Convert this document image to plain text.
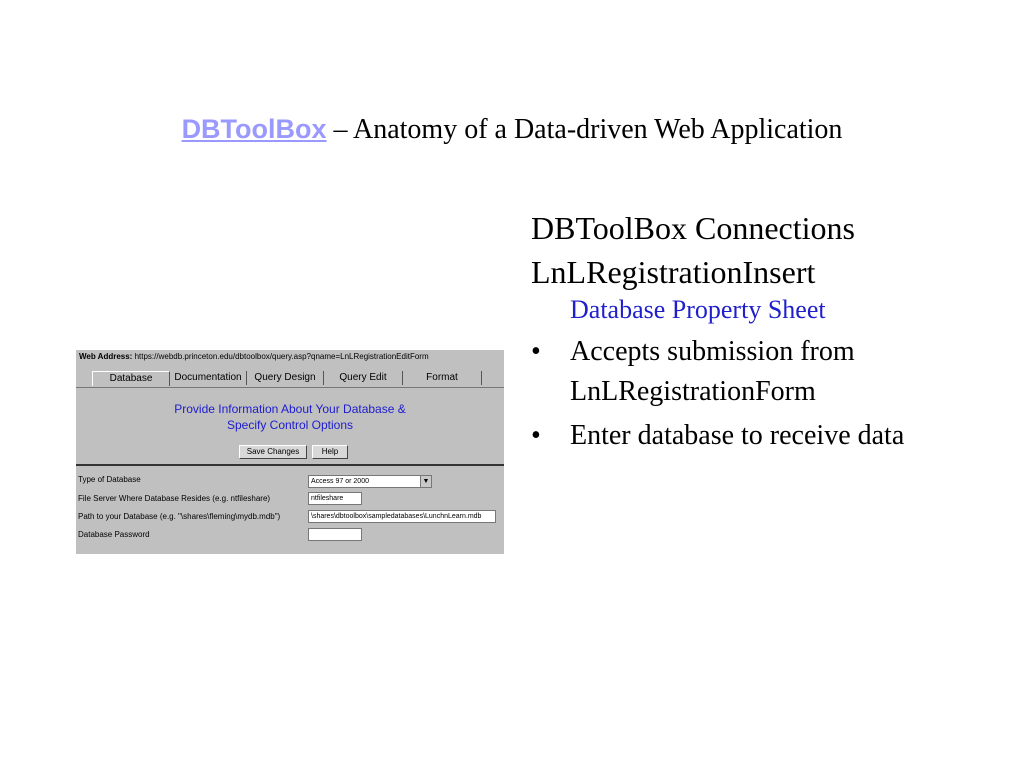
DBToolBox – Anatomy of a Data-driven Web Application

DBToolBox Connections

LnLRegistrationInsert

Database Property Sheet

• Accepts submission from LnLRegistrationForm
• Enter database to receive data
Web Address: https://webdb.princeton.edu/dbtoolbox/query.asp?qname=LnLRegistrationEditForm
Database	Documentation	Query Design	Query Edit	Format
Provide Information About Your Database &
Specify Control Options
Save Changes	Help
Type of Database	Access 97 or 2000	▼
File Server Where Database Resides (e.g. ntfileshare)	ntfileshare
Path to your Database (e.g. "\shares\fleming\mydb.mdb")	\shares\dbtoolbox\sampledatabases\LunchnLearn.mdb
Database Password
